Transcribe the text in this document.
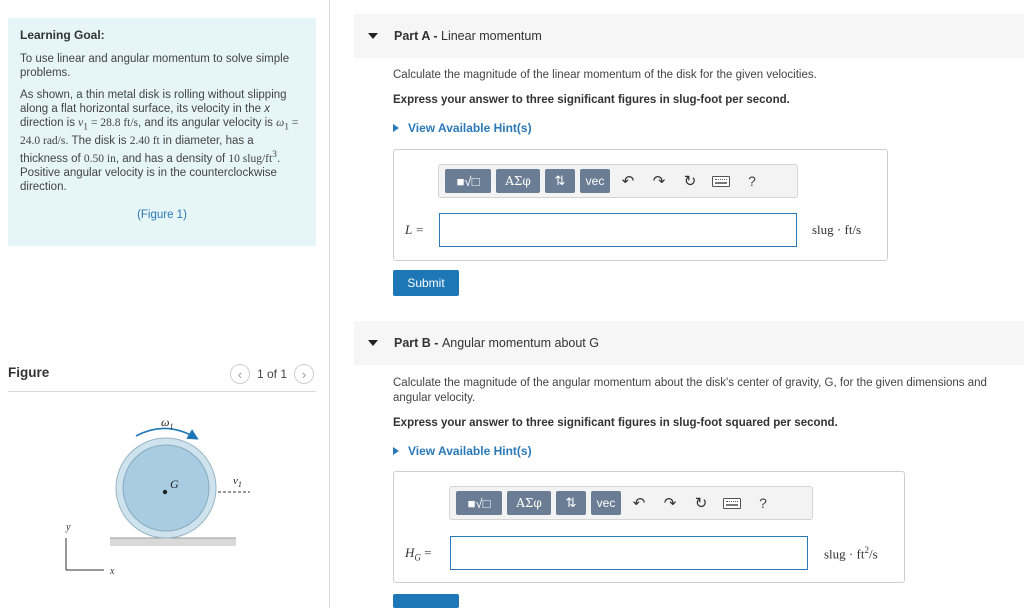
Learning Goal:
To use linear and angular momentum to solve simple problems.
As shown, a thin metal disk is rolling without slipping along a flat horizontal surface, its velocity in the x direction is $v_1 = 28.8$ ft/s, and its angular velocity is $\omega_1 = 24.0$ rad/s. The disk is 2.40 ft in diameter, has a thickness of 0.50 in, and has a density of 10 slug/$ft^3$. Positive angular velocity is in the counterclockwise direction.
(Figure 1)
Figure	‹	1 of 1	›
G
$\omega_1$
$v_1$
y
x
Part A - Linear momentum
Calculate the magnitude of the linear momentum of the disk for the given velocities.
Express your answer to three significant figures in slug-foot per second.
View Available Hint(s)
■√□	ΑΣφ	⇅	vec	↶	↷	↻	?
L =	slug · ft/s
Submit
Part B - Angular momentum about G
Calculate the magnitude of the angular momentum about the disk's center of gravity, G, for the given dimensions and angular velocity.
Express your answer to three significant figures in slug-foot squared per second.
View Available Hint(s)
■√□	ΑΣφ	⇅	vec	↶	↷	↻	?
$H_G$ =	slug · $ft^2/s$
